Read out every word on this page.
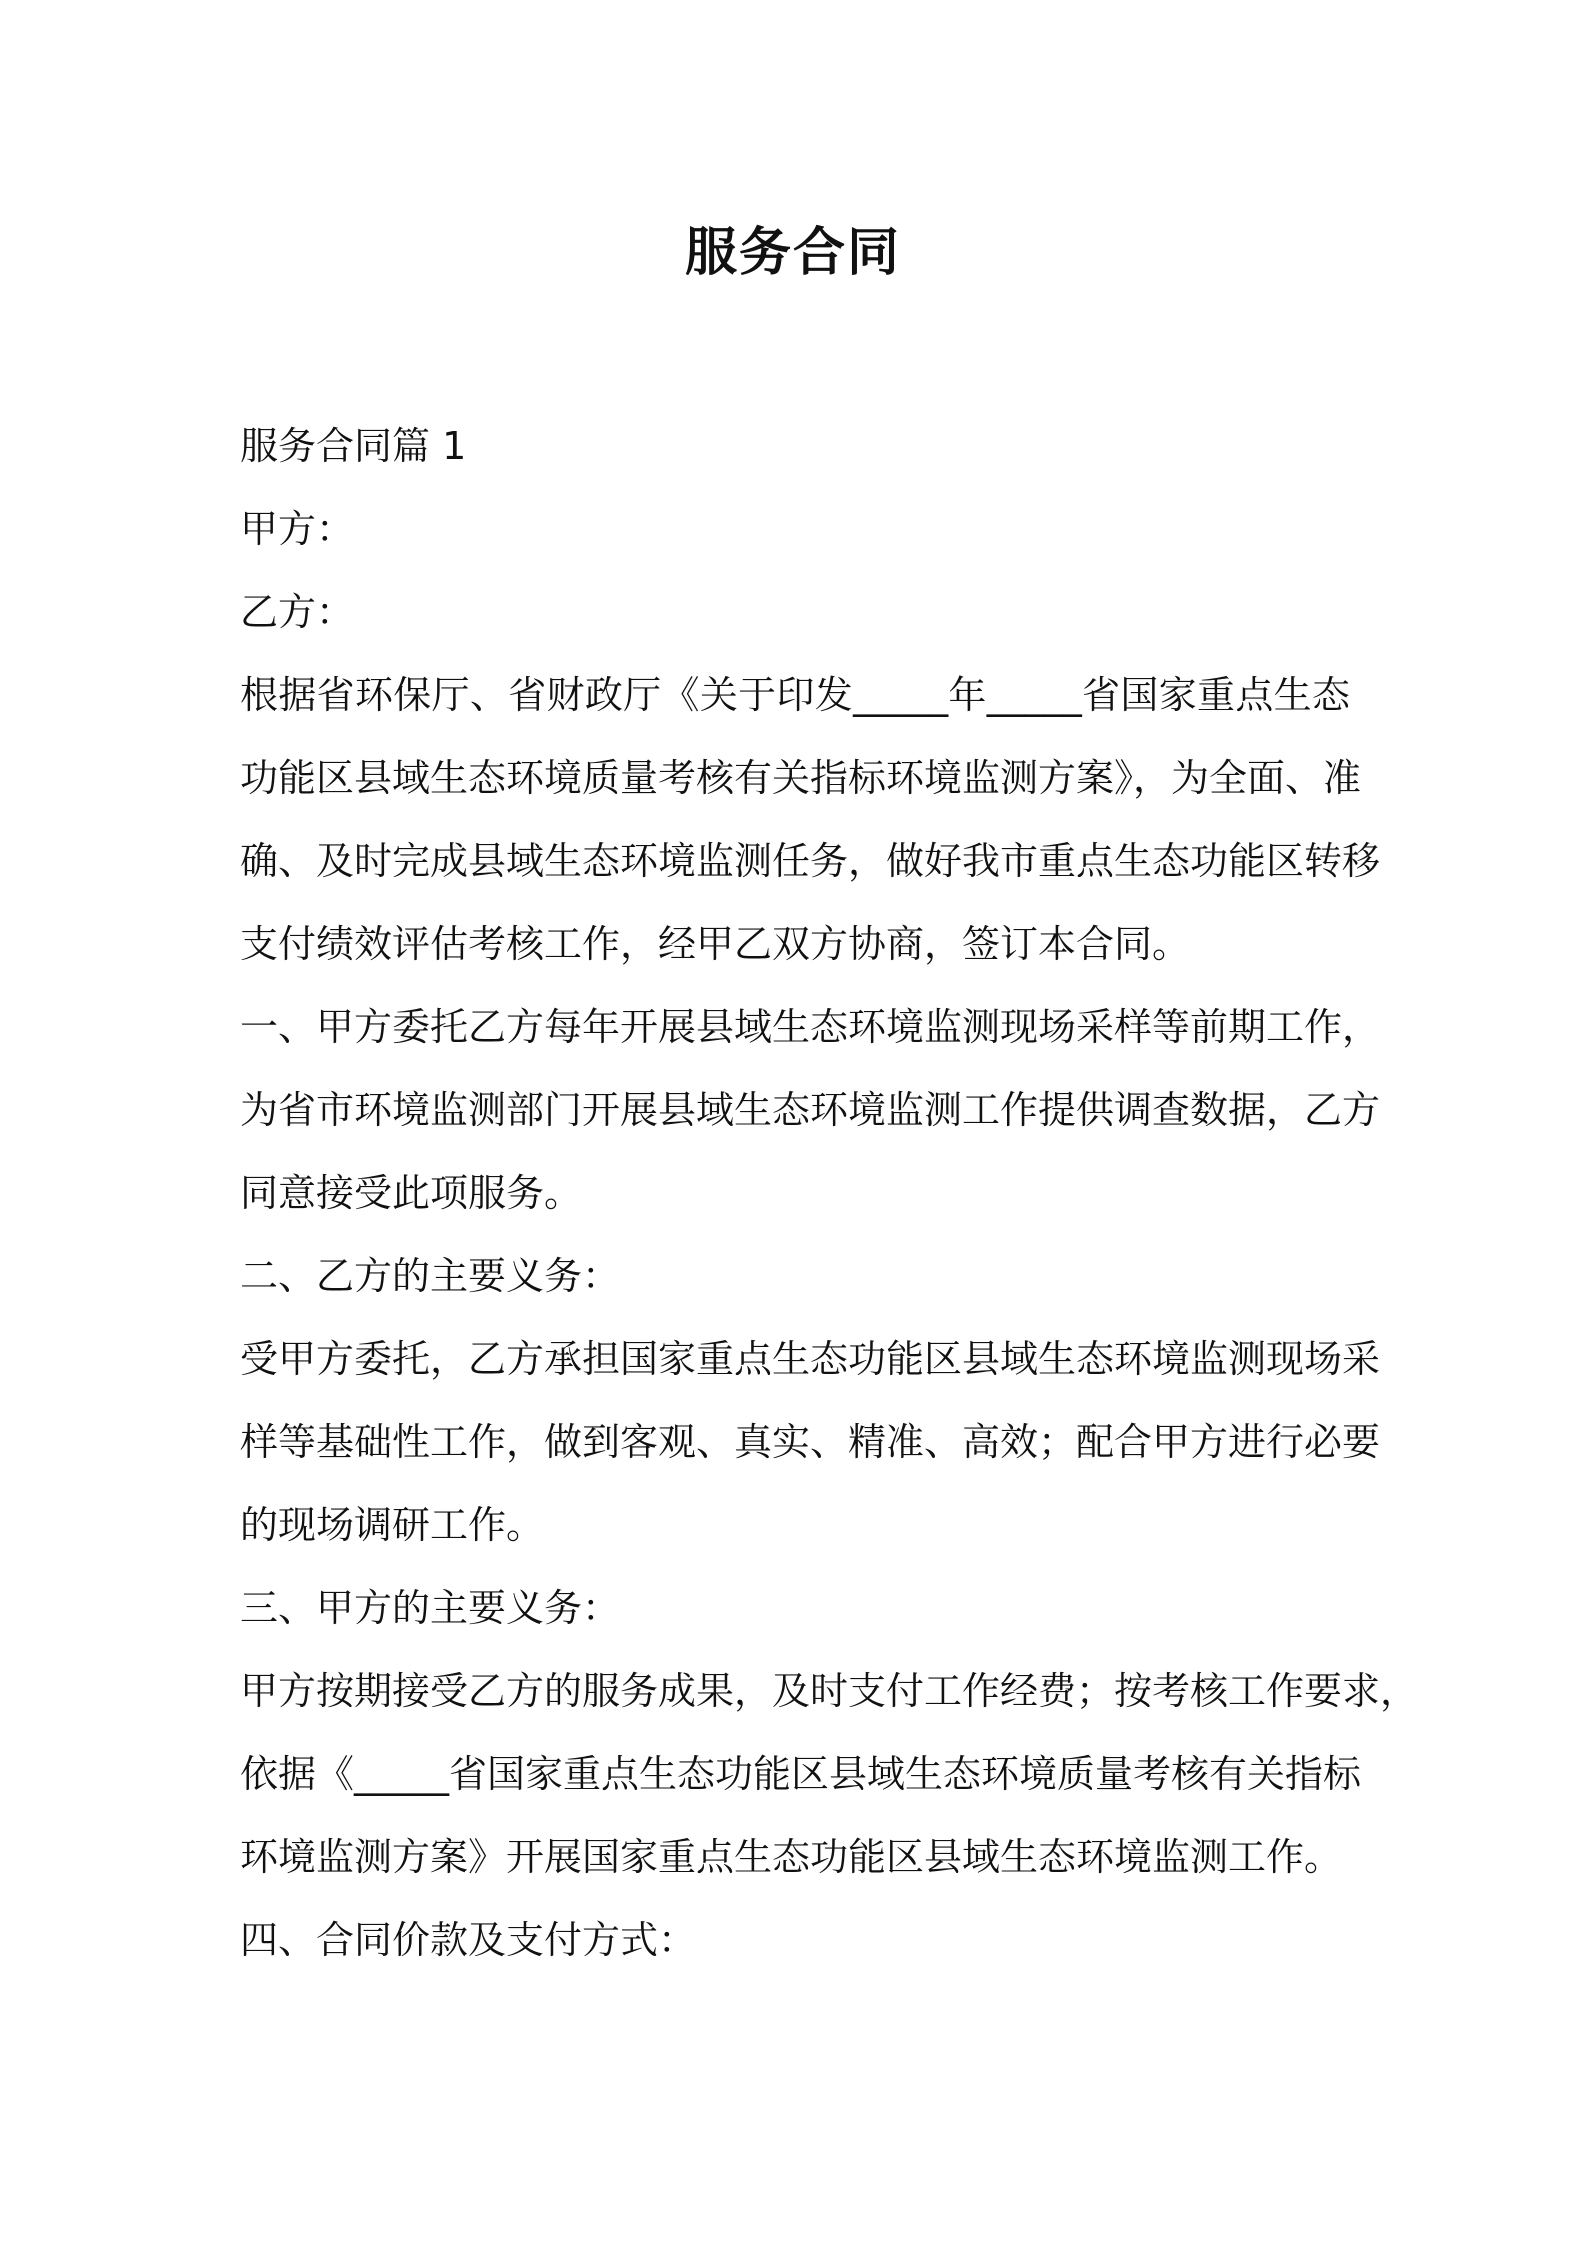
服务合同

服务合同篇 1

甲方：

乙方：

根据省环保厅、省财政厅《关于印发_____年_____省国家重点生态

功能区县域生态环境质量考核有关指标环境监测方案》，为全面、准

确、及时完成县域生态环境监测任务，做好我市重点生态功能区转移

支付绩效评估考核工作，经甲乙双方协商，签订本合同。

一、甲方委托乙方每年开展县域生态环境监测现场采样等前期工作，

为省市环境监测部门开展县域生态环境监测工作提供调查数据，乙方

同意接受此项服务。

二、乙方的主要义务：

受甲方委托，乙方承担国家重点生态功能区县域生态环境监测现场采

样等基础性工作，做到客观、真实、精准、高效；配合甲方进行必要

的现场调研工作。

三、甲方的主要义务：

甲方按期接受乙方的服务成果，及时支付工作经费；按考核工作要求，

依据《_____省国家重点生态功能区县域生态环境质量考核有关指标

环境监测方案》开展国家重点生态功能区县域生态环境监测工作。

四、合同价款及支付方式：
